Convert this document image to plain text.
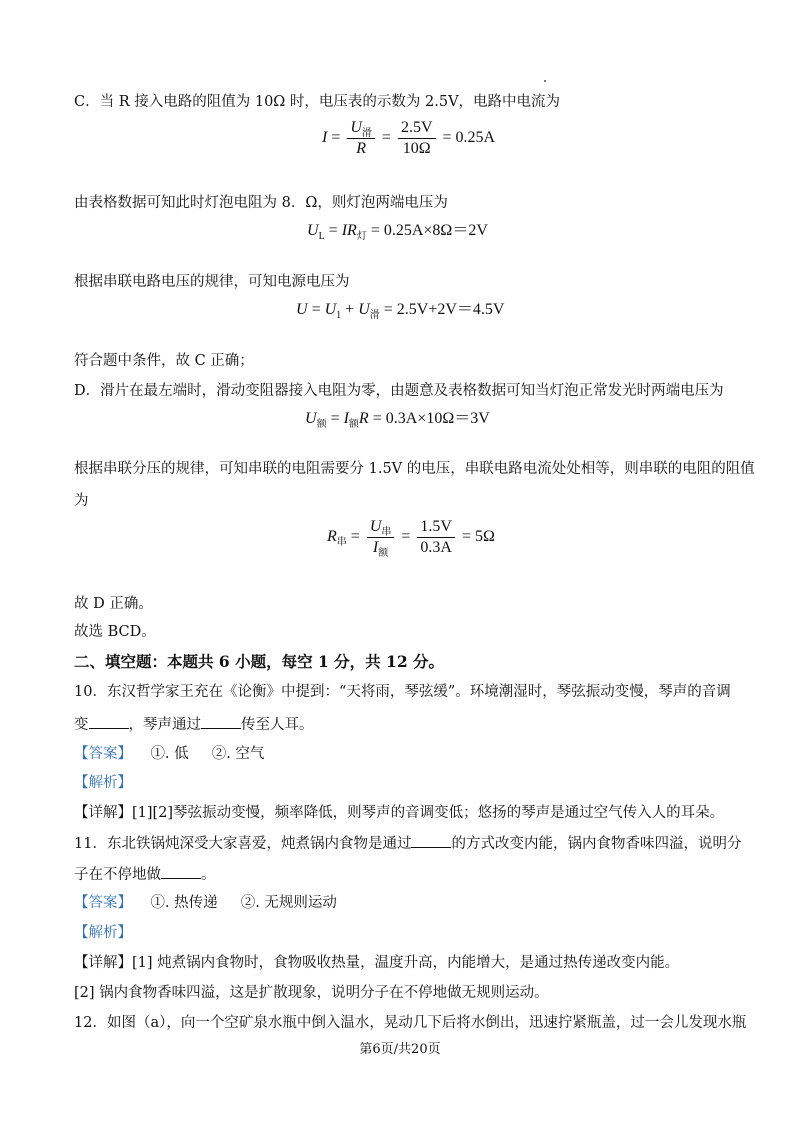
C．当 R 接入电路的阻值为 10Ω 时，电压表的示数为 2.5V，电路中电流为
$I = \frac{U_滑}{R} = \frac{2.5V}{10\Omega} = 0.25A$
由表格数据可知此时灯泡电阻为 8．Ω，则灯泡两端电压为
$U_L = IR_灯 = 0.25A\times 8\Omega=2V$
根据串联电路电压的规律，可知电源电压为
$U = U_1 + U_滑 = 2.5V+2V=4.5V$
符合题中条件，故 C 正确；
D．滑片在最左端时，滑动变阻器接入电阻为零，由题意及表格数据可知当灯泡正常发光时两端电压为
$U_额 = I_额R = 0.3A\times 10\Omega=3V$
根据串联分压的规律，可知串联的电阻需要分 1.5V 的电压，串联电路电流处处相等，则串联的电阻的阻值
为
$R_串 = \frac{U_串}{I_额} = \frac{1.5V}{0.3A} = 5\Omega$
故 D 正确。
故选 BCD。
二、填空题：本题共 6 小题，每空 1 分，共 12 分。
10．东汉哲学家王充在《论衡》中提到：“天将雨，琴弦缓”。环境潮湿时，琴弦振动变慢，琴声的音调
变	，琴声通过	传至人耳。
【答案】 ①. 低     ②. 空气
【解析】
【详解】[1][2]琴弦振动变慢，频率降低，则琴声的音调变低；悠扬的琴声是通过空气传入人的耳朵。
11．东北铁锅炖深受大家喜爱，炖煮锅内食物是通过	的方式改变内能，锅内食物香味四溢，说明分
子在不停地做	。
【答案】 ①. 热传递     ②. 无规则运动
【解析】
【详解】[1] 炖煮锅内食物时，食物吸收热量，温度升高，内能增大，是通过热传递改变内能。
[2] 锅内食物香味四溢，这是扩散现象，说明分子在不停地做无规则运动。
12．如图（a），向一个空矿泉水瓶中倒入温水，晃动几下后将水倒出，迅速拧紧瓶盖，过一会儿发现水瓶
第6页/共20页
